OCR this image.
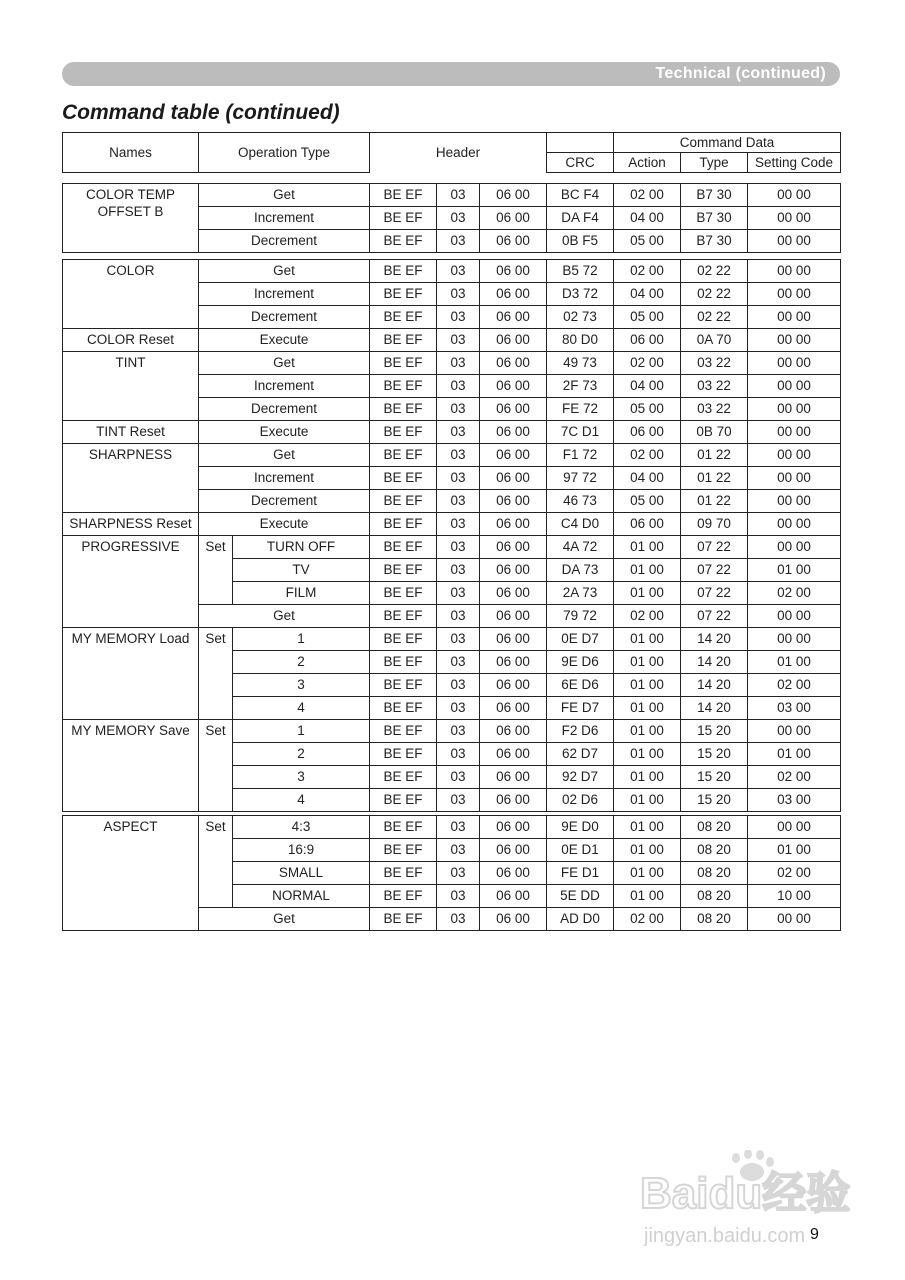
Technical (continued)
Command table (continued)
Names	Operation Type	Header		Command Data		
			CRC	Action	Type	Setting Code
COLOR TEMP
OFFSET B	Get	BE EF	03	06 00	BC F4	02 00	B7 30	00 00
	Increment	BE EF	03	06 00	DA F4	04 00	B7 30	00 00
	Decrement	BE EF	03	06 00	0B F5	05 00	B7 30	00 00
COLOR	Get		BE EF	03	06 00	B5 72	02 00	02 22	00 00
	Increment		BE EF	03	06 00	D3 72	04 00	02 22	00 00
	Decrement		BE EF	03	06 00	02 73	05 00	02 22	00 00

COLOR Reset	Execute		BE EF	03	06 00	80 D0	06 00	0A 70	00 00

TINT	Get		BE EF	03	06 00	49 73	02 00	03 22	00 00
	Increment		BE EF	03	06 00	2F 73	04 00	03 22	00 00
	Decrement		BE EF	03	06 00	FE 72	05 00	03 22	00 00

TINT Reset	Execute		BE EF	03	06 00	7C D1	06 00	0B 70	00 00

SHARPNESS	Get		BE EF	03	06 00	F1 72	02 00	01 22	00 00
	Increment		BE EF	03	06 00	97 72	04 00	01 22	00 00
	Decrement		BE EF	03	06 00	46 73	05 00	01 22	00 00

SHARPNESS Reset	Execute		BE EF	03	06 00	C4 D0	06 00	09 70	00 00

PROGRESSIVE	Set	TURN OFF	BE EF	03	06 00	4A 72	01 00	07 22	00 00
		TV	BE EF	03	06 00	DA 73	01 00	07 22	01 00
		FILM	BE EF	03	06 00	2A 73	01 00	07 22	02 00
	Get		BE EF	03	06 00	79 72	02 00	07 22	00 00

MY MEMORY Load	Set	1	BE EF	03	06 00	0E D7	01 00	14 20	00 00
		2	BE EF	03	06 00	9E D6	01 00	14 20	01 00
		3	BE EF	03	06 00	6E D6	01 00	14 20	02 00
		4	BE EF	03	06 00	FE D7	01 00	14 20	03 00

MY MEMORY Save	Set	1	BE EF	03	06 00	F2 D6	01 00	15 20	00 00
		2	BE EF	03	06 00	62 D7	01 00	15 20	01 00
		3	BE EF	03	06 00	92 D7	01 00	15 20	02 00
		4	BE EF	03	06 00	02 D6	01 00	15 20	03 00
ASPECT	Set	4:3	BE EF	03	06 00	9E D0	01 00	08 20	00 00
		16:9	BE EF	03	06 00	0E D1	01 00	08 20	01 00
		SMALL	BE EF	03	06 00	FE D1	01 00	08 20	02 00
		NORMAL	BE EF	03	06 00	5E DD	01 00	08 20	10 00
	Get		BE EF	03	06 00	AD D0	02 00	08 20	00 00
9
Baidu经验
jingyan.baidu.com
